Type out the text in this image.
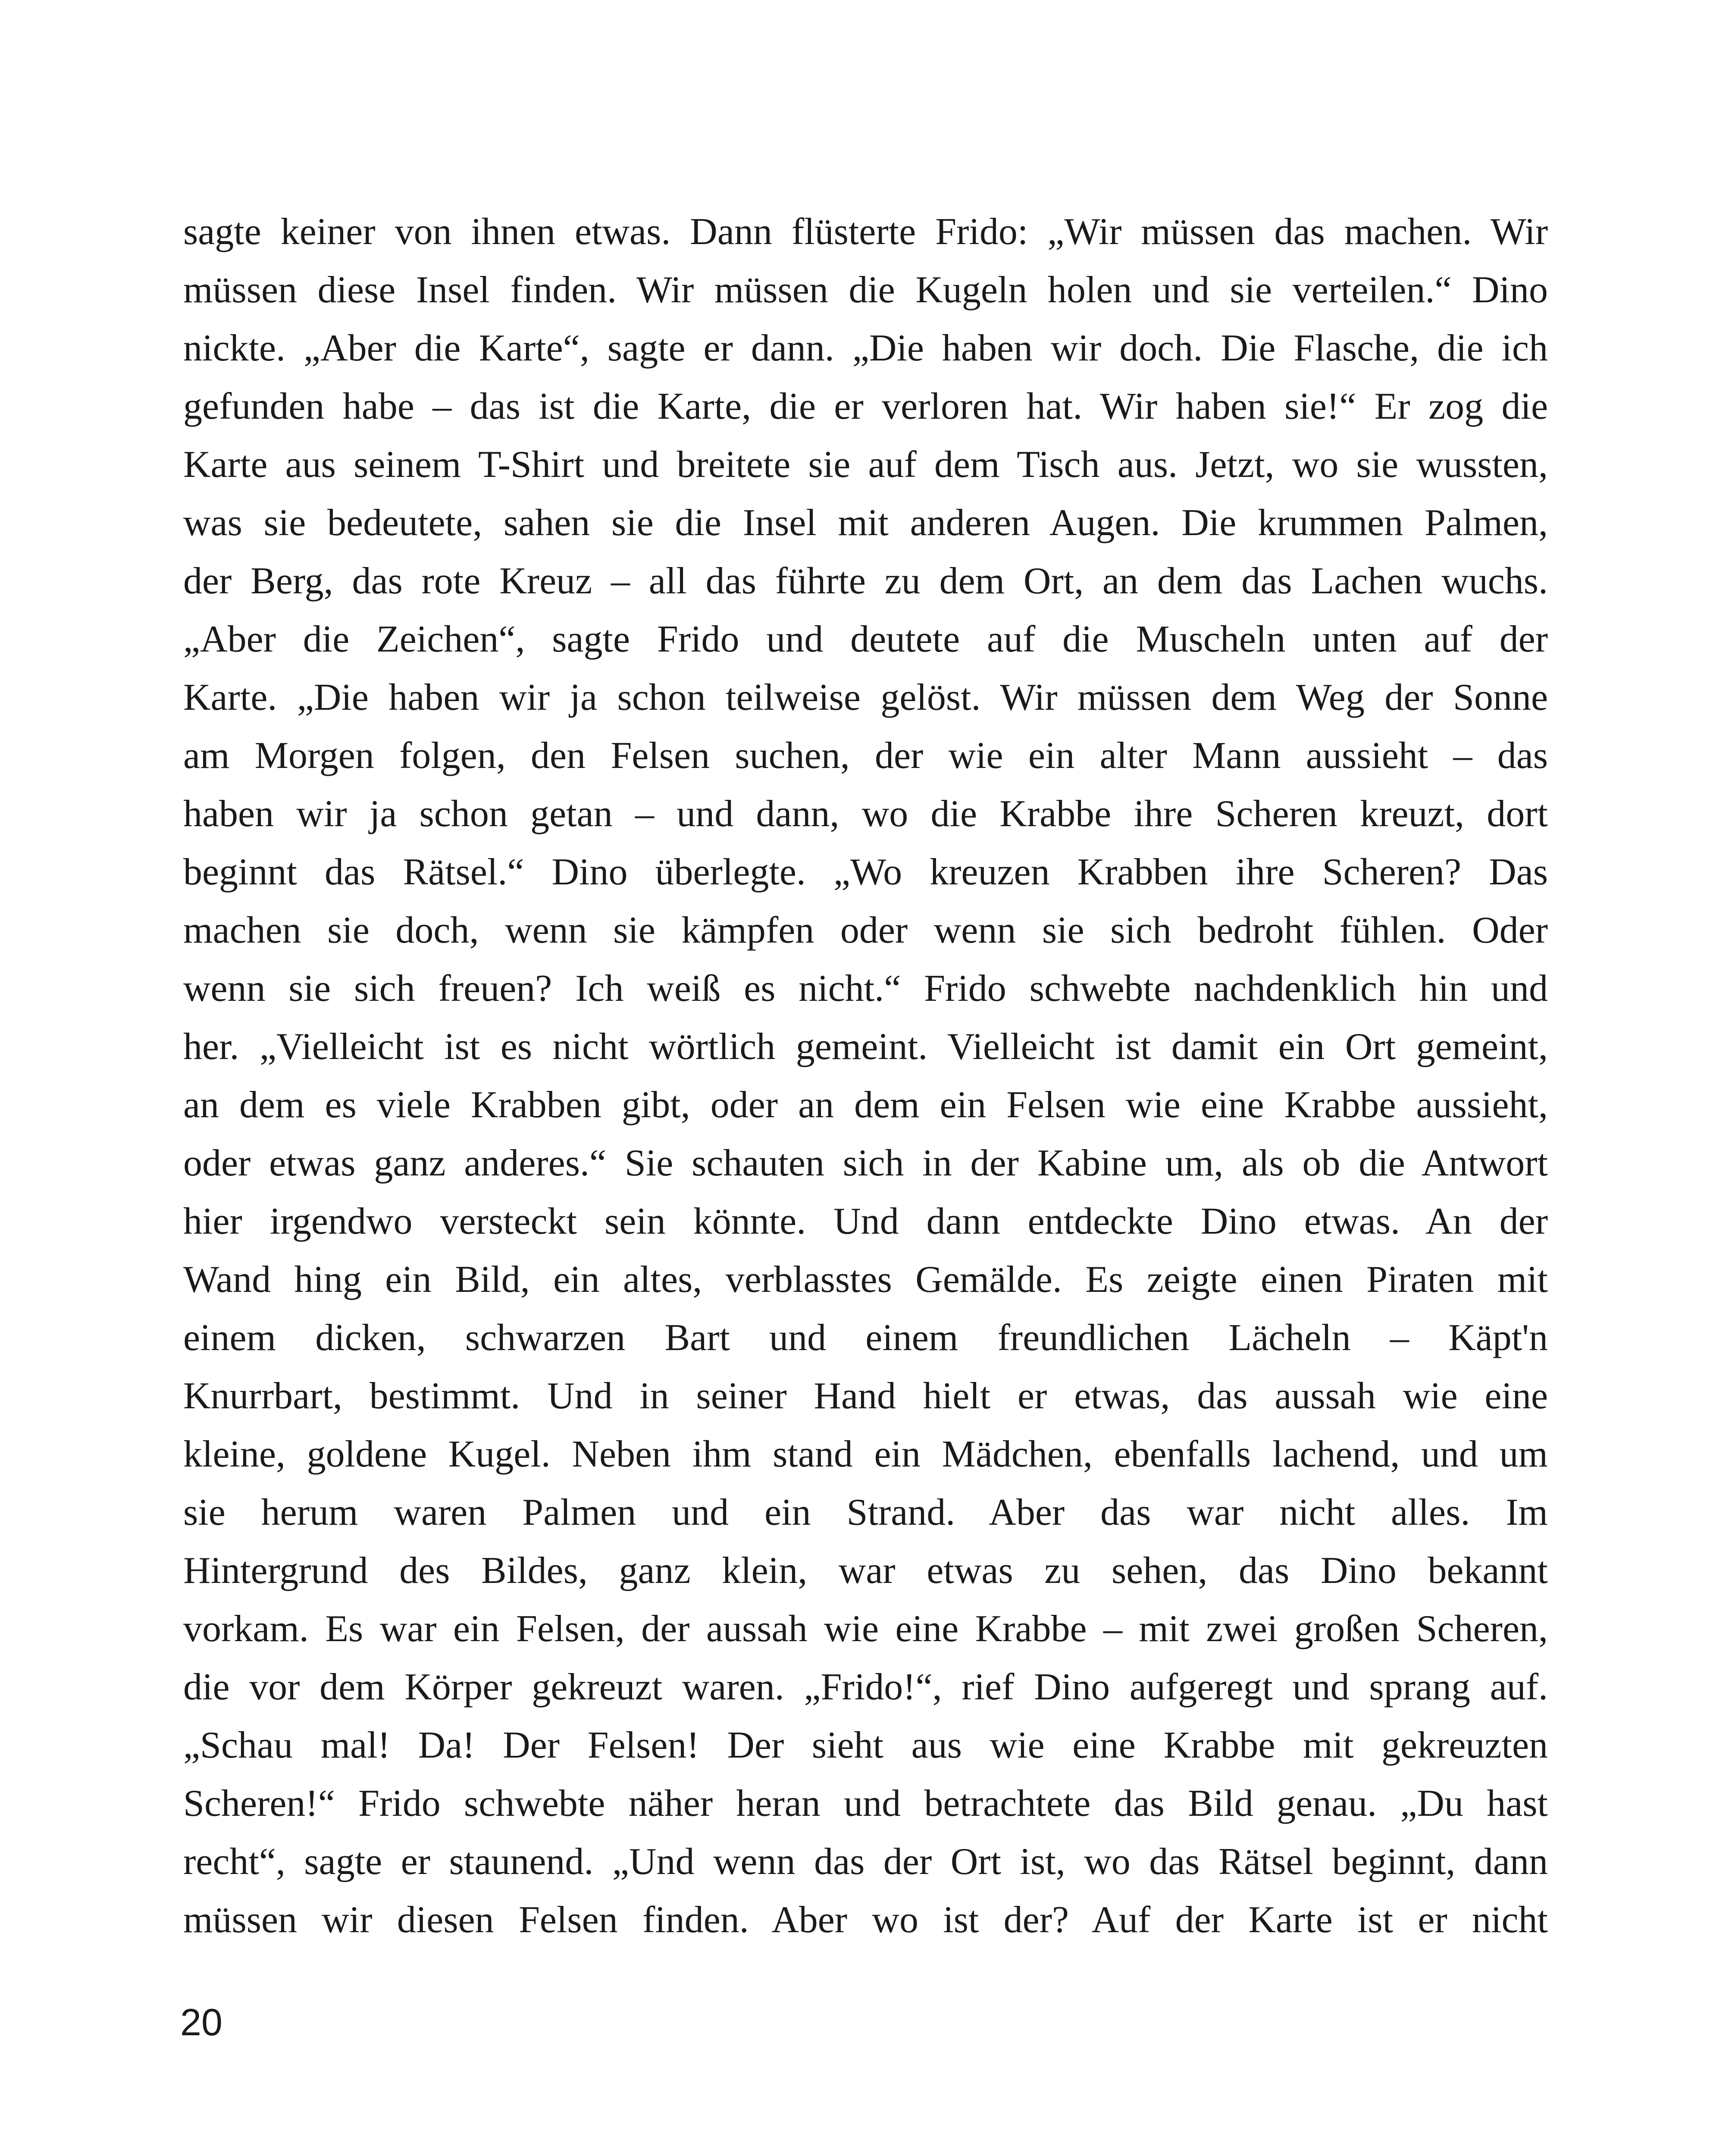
sagte keiner von ihnen etwas. Dann flüsterte Frido: „Wir müssen das machen. Wir
müssen diese Insel finden. Wir müssen die Kugeln holen und sie verteilen.“ Dino
nickte. „Aber die Karte“, sagte er dann. „Die haben wir doch. Die Flasche, die ich
gefunden habe – das ist die Karte, die er verloren hat. Wir haben sie!“ Er zog die
Karte aus seinem T-Shirt und breitete sie auf dem Tisch aus. Jetzt, wo sie wussten,
was sie bedeutete, sahen sie die Insel mit anderen Augen. Die krummen Palmen,
der Berg, das rote Kreuz – all das führte zu dem Ort, an dem das Lachen wuchs.
„Aber die Zeichen“, sagte Frido und deutete auf die Muscheln unten auf der
Karte. „Die haben wir ja schon teilweise gelöst. Wir müssen dem Weg der Sonne
am Morgen folgen, den Felsen suchen, der wie ein alter Mann aussieht – das
haben wir ja schon getan – und dann, wo die Krabbe ihre Scheren kreuzt, dort
beginnt das Rätsel.“ Dino überlegte. „Wo kreuzen Krabben ihre Scheren? Das
machen sie doch, wenn sie kämpfen oder wenn sie sich bedroht fühlen. Oder
wenn sie sich freuen? Ich weiß es nicht.“ Frido schwebte nachdenklich hin und
her. „Vielleicht ist es nicht wörtlich gemeint. Vielleicht ist damit ein Ort gemeint,
an dem es viele Krabben gibt, oder an dem ein Felsen wie eine Krabbe aussieht,
oder etwas ganz anderes.“ Sie schauten sich in der Kabine um, als ob die Antwort
hier irgendwo versteckt sein könnte. Und dann entdeckte Dino etwas. An der
Wand hing ein Bild, ein altes, verblasstes Gemälde. Es zeigte einen Piraten mit
einem dicken, schwarzen Bart und einem freundlichen Lächeln – Käpt'n
Knurrbart, bestimmt. Und in seiner Hand hielt er etwas, das aussah wie eine
kleine, goldene Kugel. Neben ihm stand ein Mädchen, ebenfalls lachend, und um
sie herum waren Palmen und ein Strand. Aber das war nicht alles. Im
Hintergrund des Bildes, ganz klein, war etwas zu sehen, das Dino bekannt
vorkam. Es war ein Felsen, der aussah wie eine Krabbe – mit zwei großen Scheren,
die vor dem Körper gekreuzt waren. „Frido!“, rief Dino aufgeregt und sprang auf.
„Schau mal! Da! Der Felsen! Der sieht aus wie eine Krabbe mit gekreuzten
Scheren!“ Frido schwebte näher heran und betrachtete das Bild genau. „Du hast
recht“, sagte er staunend. „Und wenn das der Ort ist, wo das Rätsel beginnt, dann
müssen wir diesen Felsen finden. Aber wo ist der? Auf der Karte ist er nicht
20
